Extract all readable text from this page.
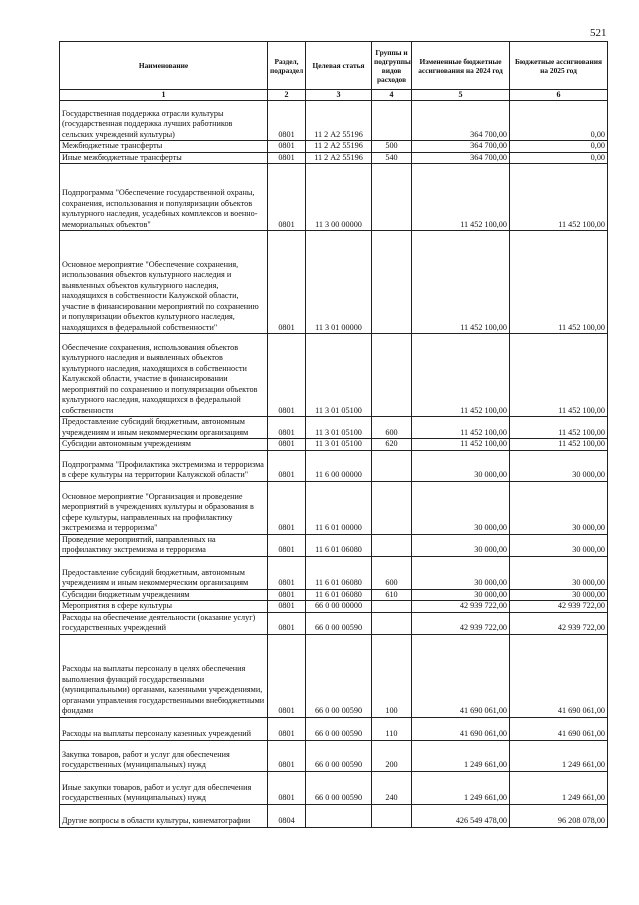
521
Наименование	Раздел, подраздел	Целевая статья	Группы и подгруппы видов расходов	Измененные бюджетные ассигнования на 2024 год	Бюджетные ассигнования на 2025 год
1	2	3	4	5	6
Государственная поддержка отрасли культуры (государственная поддержка лучших работников сельских учреждений культуры)	0801	11 2 А2 55196		364 700,00	0,00
Межбюджетные трансферты	0801	11 2 А2 55196	500	364 700,00	0,00
Иные межбюджетные трансферты	0801	11 2 А2 55196	540	364 700,00	0,00
Подпрограмма "Обеспечение государственной охраны, сохранения, использования и популяризации объектов культурного наследия, усадебных комплексов и военно-мемориальных объектов"	0801	11 3 00 00000		11 452 100,00	11 452 100,00
Основное мероприятие "Обеспечение сохранения, использования объектов культурного наследия и выявленных объектов культурного наследия, находящихся в собственности Калужской области, участие в финансировании мероприятий по сохранению и популяризации объектов культурного наследия, находящихся в федеральной собственности"	0801	11 3 01 00000		11 452 100,00	11 452 100,00
Обеспечение сохранения, использования объектов культурного наследия и выявленных объектов культурного наследия, находящихся в собственности Калужской области, участие в финансировании мероприятий по сохранению и популяризации объектов культурного наследия, находящихся в федеральной собственности	0801	11 3 01 05100		11 452 100,00	11 452 100,00
Предоставление субсидий бюджетным, автономным учреждениям и иным некоммерческим организациям	0801	11 3 01 05100	600	11 452 100,00	11 452 100,00
Субсидии автономным учреждениям	0801	11 3 01 05100	620	11 452 100,00	11 452 100,00
Подпрограмма "Профилактика экстремизма и терроризма в сфере культуры на территории Калужской области"	0801	11 6 00 00000		30 000,00	30 000,00
Основное мероприятие "Организация и проведение мероприятий в учреждениях культуры и образования в сфере культуры, направленных на профилактику экстремизма и терроризма"	0801	11 6 01 00000		30 000,00	30 000,00
Проведение мероприятий, направленных на профилактику экстремизма и терроризма	0801	11 6 01 06080		30 000,00	30 000,00
Предоставление субсидий бюджетным, автономным учреждениям и иным некоммерческим организациям	0801	11 6 01 06080	600	30 000,00	30 000,00
Субсидии бюджетным учреждениям	0801	11 6 01 06080	610	30 000,00	30 000,00
Мероприятия в сфере культуры	0801	66 0 00 00000		42 939 722,00	42 939 722,00
Расходы на обеспечение деятельности (оказание услуг) государственных учреждений	0801	66 0 00 00590		42 939 722,00	42 939 722,00
Расходы на выплаты персоналу в целях обеспечения выполнения функций государственными (муниципальными) органами, казенными учреждениями, органами управления государственными внебюджетными фондами	0801	66 0 00 00590	100	41 690 061,00	41 690 061,00
Расходы на выплаты персоналу казенных учреждений	0801	66 0 00 00590	110	41 690 061,00	41 690 061,00
Закупка товаров, работ и услуг для обеспечения государственных (муниципальных) нужд	0801	66 0 00 00590	200	1 249 661,00	1 249 661,00
Иные закупки товаров, работ и услуг для обеспечения государственных (муниципальных) нужд	0801	66 0 00 00590	240	1 249 661,00	1 249 661,00
Другие вопросы в области культуры, кинематографии	0804			426 549 478,00	96 208 078,00
